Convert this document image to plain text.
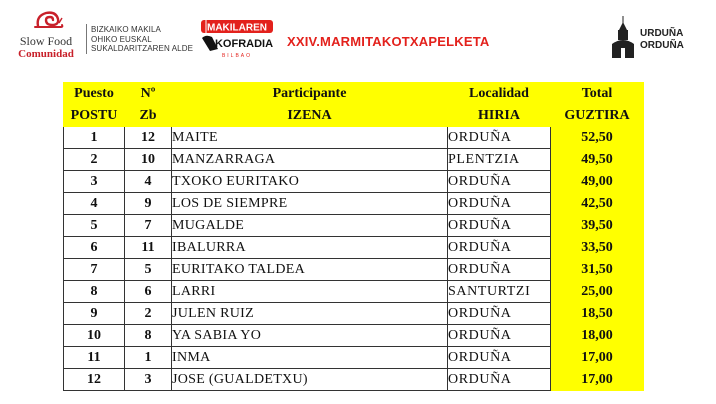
Slow Food
Comunidad
BIZKAIKO MAKILA
OHIKO EUSKAL
SUKALDARITZAREN ALDE
MAKILAREN
KOFRADIA
BILBAO
XXIV.MARMITAKOTXAPELKETA
URDUÑA
ORDUÑA
Puesto	Nº	Participante	Localidad	Total
POSTU	Zb	IZENA	HIRIA	GUZTIRA
1	12	MAITE	ORDUÑA	52,50
2	10	MANZARRAGA	PLENTZIA	49,50
3	4	TXOKO EURITAKO	ORDUÑA	49,00
4	9	LOS DE SIEMPRE	ORDUÑA	42,50
5	7	MUGALDE	ORDUÑA	39,50
6	11	IBALURRA	ORDUÑA	33,50
7	5	EURITAKO TALDEA	ORDUÑA	31,50
8	6	LARRI	SANTURTZI	25,00
9	2	JULEN RUIZ	ORDUÑA	18,50
10	8	YA SABIA YO	ORDUÑA	18,00
11	1	INMA	ORDUÑA	17,00
12	3	JOSE (GUALDETXU)	ORDUÑA	17,00
